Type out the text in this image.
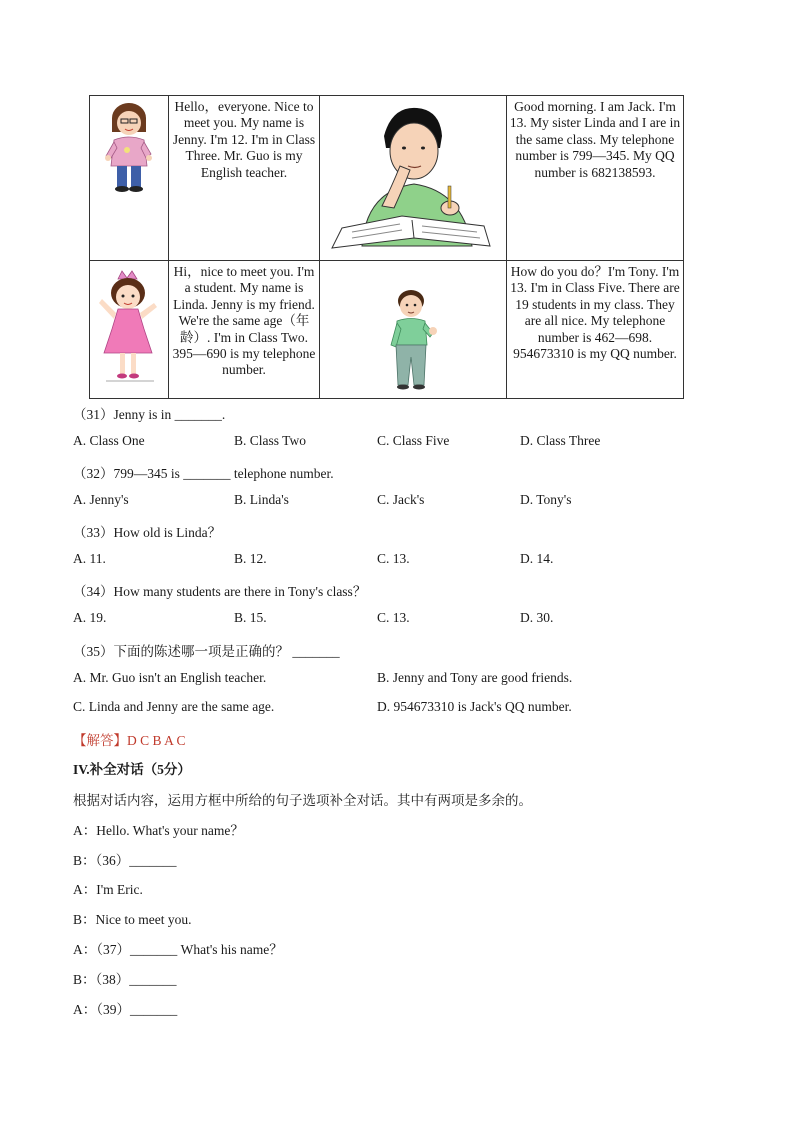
Hello，everyone. Nice to meet you. My name is Jenny. I'm 12. I'm in Class Three. Mr. Guo is my English teacher.		Good morning. I am Jack. I'm 13. My sister Linda and I are in the same class. My telephone number is 799—345. My QQ number is 682138593.

Hi，nice to meet you. I'm a student. My name is Linda. Jenny is my friend. We're the same age（年龄）. I'm in Class Two. 395—690 is my telephone number.		How do you do？I'm Tony. I'm 13. I'm in Class Five. There are 19 students in my class. They are all nice. My telephone number is 462—698. 954673310 is my QQ number.
（31）Jenny is in _______.
A. Class One	B. Class Two	C. Class Five	D. Class Three
（32）799—345 is _______ telephone number.
A. Jenny's	B. Linda's	C. Jack's	D. Tony's
（33）How old is Linda？
A. 11.	B. 12.	C. 13.	D. 14.
（34）How many students are there in Tony's class？
A. 19.	B. 15.	C. 13.	D. 30.
（35）下面的陈述哪一项是正确的？ _______
A. Mr. Guo isn't an English teacher.	B. Jenny and Tony are good friends.
C. Linda and Jenny are the same age.	D. 954673310 is Jack's QQ number.
【解答】D C B A C
IV.补全对话（5分）
根据对话内容，运用方框中所给的句子选项补全对话。其中有两项是多余的。
A：Hello. What's your name？
B：（36）_______
A：I'm Eric.
B：Nice to meet you.
A：（37）_______ What's his name？
B：（38）_______
A：（39）_______
